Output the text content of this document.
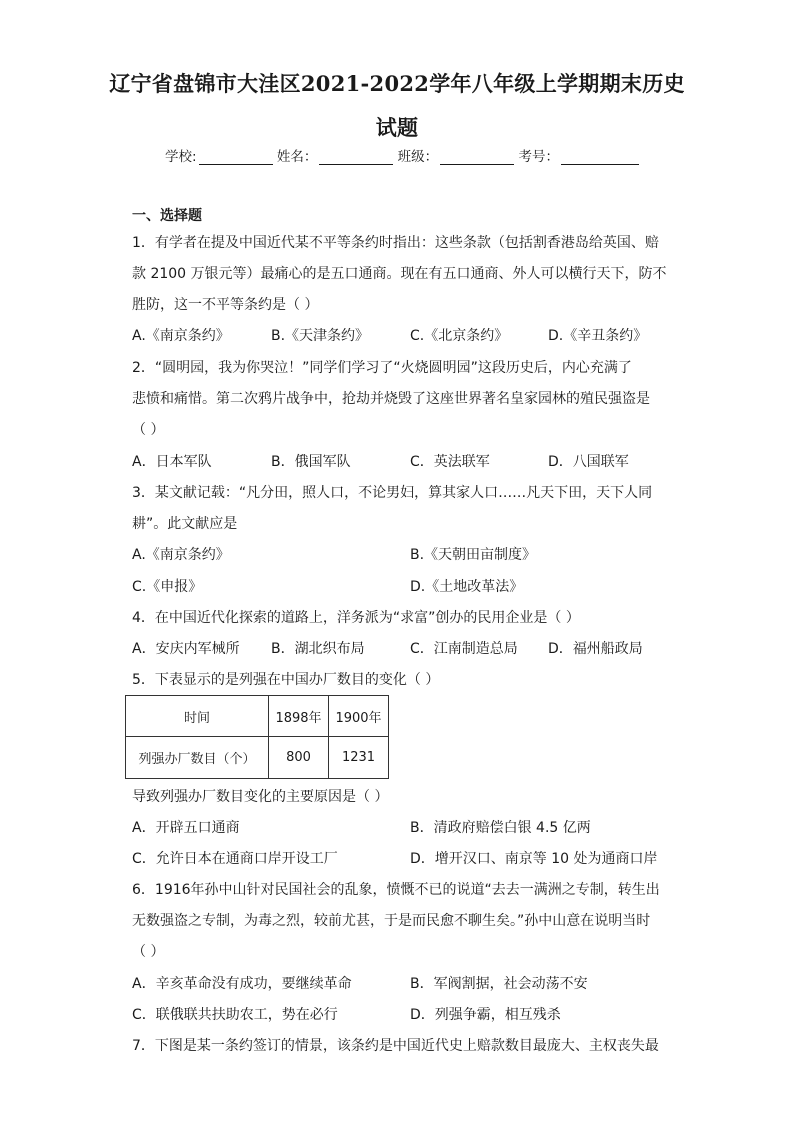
辽宁省盘锦市大洼区2021-2022学年八年级上学期期末历史
试题
学校:	姓名：	班级：	考号：
一、选择题
1．有学者在提及中国近代某不平等条约时指出：这些条款（包括割香港岛给英国、赔
款 2100 万银元等）最痛心的是五口通商。现在有五口通商、外人可以横行天下，防不
胜防，这一不平等条约是（ ）
A.《南京条约》	B.《天津条约》	C.《北京条约》	D.《辛丑条约》
2．“圆明园，我为你哭泣！”同学们学习了“火烧圆明园”这段历史后，内心充满了
悲愤和痛惜。第二次鸦片战争中，抢劫并烧毁了这座世界著名皇家园林的殖民强盗是
（ ）
A．日本军队	B．俄国军队	C．英法联军	D．八国联军
3．某文献记载：“凡分田，照人口，不论男妇，算其家人口……凡天下田，天下人同
耕”。此文献应是
A.《南京条约》	B.《天朝田亩制度》
C.《申报》	D.《土地改革法》
4．在中国近代化探索的道路上，洋务派为“求富”创办的民用企业是（ ）
A．安庆内军械所 B．湖北织布局	C．江南制造总局 D．福州船政局
5．下表显示的是列强在中国办厂数目的变化（ ）
时间	1898年	1900年
列强办厂数目（个）	800	1231
导致列强办厂数目变化的主要原因是（ ）
A．开辟五口通商	B．清政府赔偿白银 4.5 亿两
C．允许日本在通商口岸开设工厂	D．增开汉口、南京等 10 处为通商口岸
6．1916年孙中山针对民国社会的乱象，愤慨不已的说道“去去一满洲之专制，转生出
无数强盗之专制，为毒之烈，较前尤甚，于是而民愈不聊生矣。”孙中山意在说明当时
（ ）
A．辛亥革命没有成功，要继续革命	B．军阀割据，社会动荡不安
C．联俄联共扶助农工，势在必行	D．列强争霸，相互残杀
7．下图是某一条约签订的情景，该条约是中国近代史上赔款数目最庞大、主权丧失最
